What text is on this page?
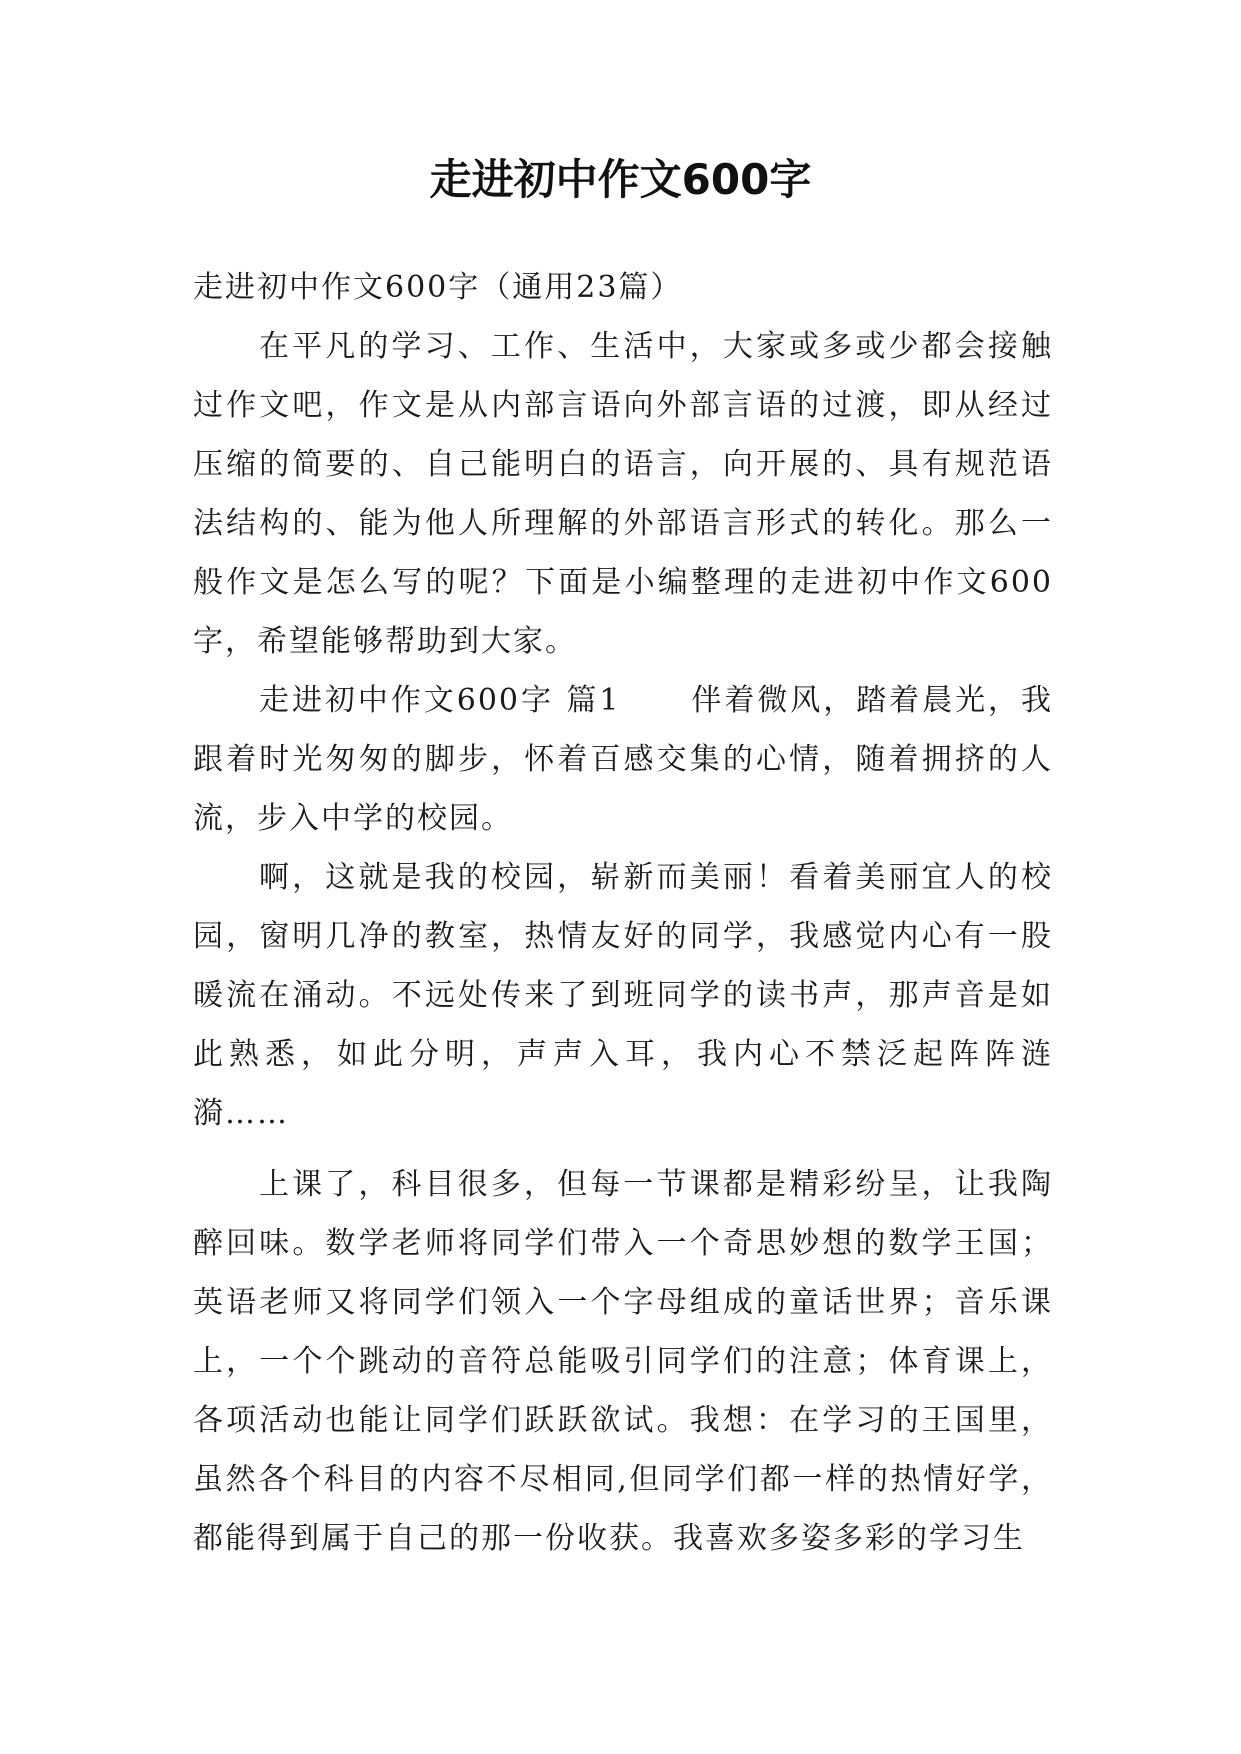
走进初中作文600字

走进初中作文600字（通用23篇）

在平凡的学习、工作、生活中，大家或多或少都会接触过作文吧，作文是从内部言语向外部言语的过渡，即从经过压缩的简要的、自己能明白的语言，向开展的、具有规范语法结构的、能为他人所理解的外部语言形式的转化。那么一般作文是怎么写的呢？下面是小编整理的走进初中作文600字，希望能够帮助到大家。

走进初中作文600字 篇1 伴着微风，踏着晨光，我跟着时光匆匆的脚步，怀着百感交集的心情，随着拥挤的人流，步入中学的校园。

啊，这就是我的校园，崭新而美丽！看着美丽宜人的校园，窗明几净的教室，热情友好的同学，我感觉内心有一股暖流在涌动。不远处传来了到班同学的读书声，那声音是如此熟悉，如此分明，声声入耳，我内心不禁泛起阵阵涟漪……

上课了，科目很多，但每一节课都是精彩纷呈，让我陶醉回味。数学老师将同学们带入一个奇思妙想的数学王国；英语老师又将同学们领入一个字母组成的童话世界；音乐课上，一个个跳动的音符总能吸引同学们的注意；体育课上，各项活动也能让同学们跃跃欲试。我想：在学习的王国里，虽然各个科目的内容不尽相同,但同学们都一样的热情好学，都能得到属于自己的那一份收获。我喜欢多姿多彩的学习生
